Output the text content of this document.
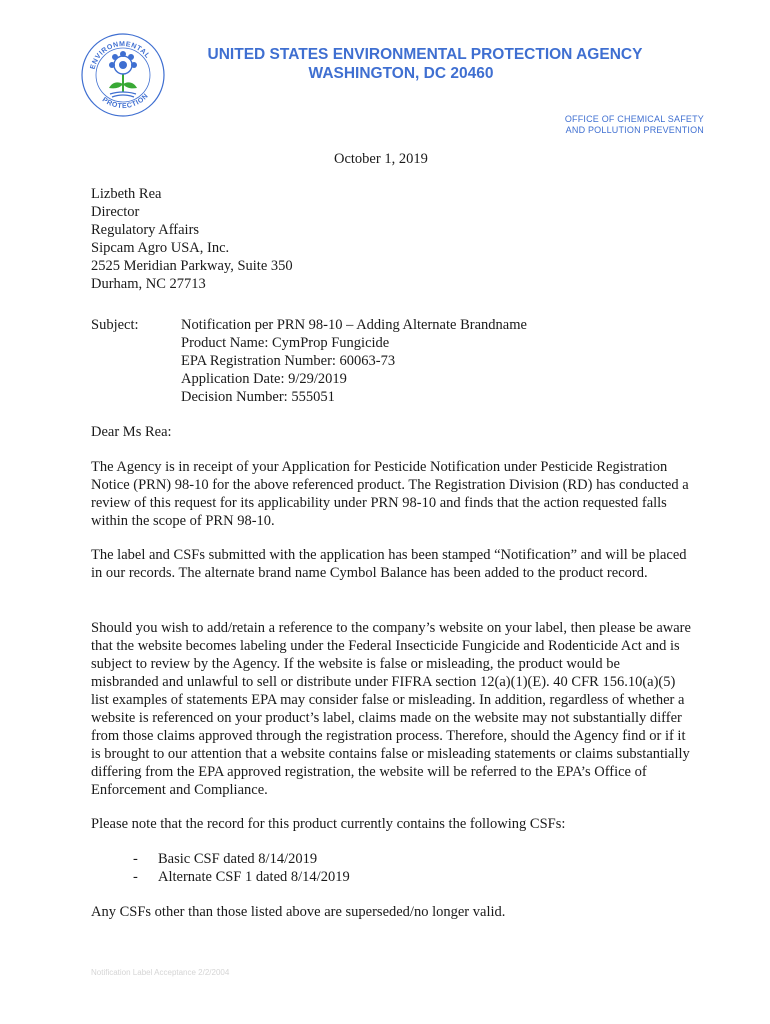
ENVIRONMENTAL
PROTECTION
UNITED STATES ENVIRONMENTAL PROTECTION AGENCY
WASHINGTON, DC 20460
OFFICE OF CHEMICAL SAFETY
AND POLLUTION PREVENTION
October 1, 2019
Lizbeth Rea
Director
Regulatory Affairs
Sipcam Agro USA, Inc.
2525 Meridian Parkway, Suite 350
Durham, NC 27713
Subject:	Notification per PRN 98-10 – Adding Alternate Brandname
Product Name: CymProp Fungicide
EPA Registration Number: 60063-73
Application Date: 9/29/2019
Decision Number: 555051
Dear Ms Rea:
The Agency is in receipt of your Application for Pesticide Notification under Pesticide Registration Notice (PRN) 98-10 for the above referenced product. The Registration Division (RD) has conducted a review of this request for its applicability under PRN 98-10 and finds that the action requested falls within the scope of PRN 98-10.
The label and CSFs submitted with the application has been stamped “Notification” and will be placed in our records. The alternate brand name Cymbol Balance has been added to the product record.
Should you wish to add/retain a reference to the company’s website on your label, then please be aware that the website becomes labeling under the Federal Insecticide Fungicide and Rodenticide Act and is subject to review by the Agency. If the website is false or misleading, the product would be misbranded and unlawful to sell or distribute under FIFRA section 12(a)(1)(E). 40 CFR 156.10(a)(5) list examples of statements EPA may consider false or misleading. In addition, regardless of whether a website is referenced on your product’s label, claims made on the website may not substantially differ from those claims approved through the registration process. Therefore, should the Agency find or if it is brought to our attention that a website contains false or misleading statements or claims substantially differing from the EPA approved registration, the website will be referred to the EPA’s Office of Enforcement and Compliance.
Please note that the record for this product currently contains the following CSFs:
- Basic CSF dated 8/14/2019
- Alternate CSF 1 dated 8/14/2019
Any CSFs other than those listed above are superseded/no longer valid.
Notification Label Acceptance 2/2/2004
